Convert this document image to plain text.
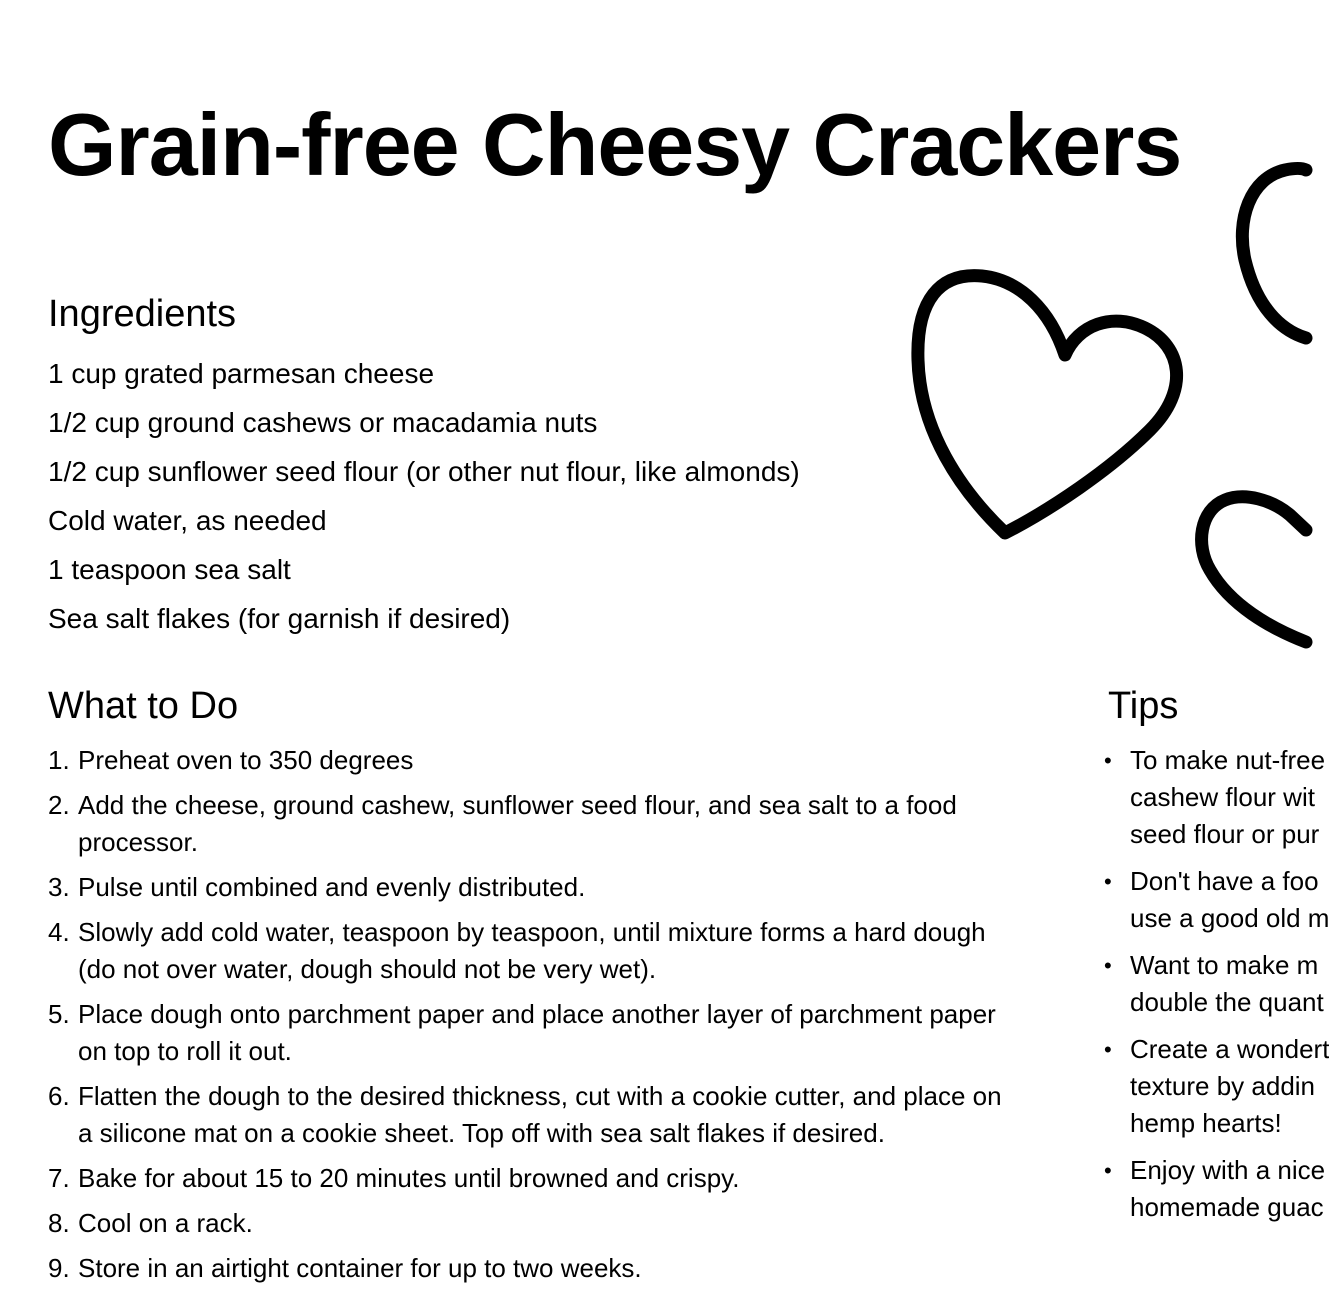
Grain-free Cheesy Crackers
Ingredients
1 cup grated parmesan cheese
1/2 cup ground cashews or macadamia nuts
1/2 cup sunflower seed flour (or other nut flour, like almonds)
Cold water, as needed
1 teaspoon sea salt
Sea salt flakes (for garnish if desired)
What to Do
1. Preheat oven to 350 degrees
2. Add the cheese, ground cashew, sunflower seed flour, and sea salt to a food processor.
3. Pulse until combined and evenly distributed.
4. Slowly add cold water, teaspoon by teaspoon, until mixture forms a hard dough (do not over water, dough should not be very wet).
5. Place dough onto parchment paper and place another layer of parchment paper on top to roll it out.
6. Flatten the dough to the desired thickness, cut with a cookie cutter, and place on a silicone mat on a cookie sheet. Top off with sea salt flakes if desired.
7. Bake for about 15 to 20 minutes until browned and crispy.
8. Cool on a rack.
9. Store in an airtight container for up to two weeks.
Tips
• To make nut-free
cashew flour wit
seed flour or pur
• Don't have a foo
use a good old m
• Want to make m
double the quant
• Create a wondert
texture by addin
hemp hearts!
• Enjoy with a nice
homemade guac
